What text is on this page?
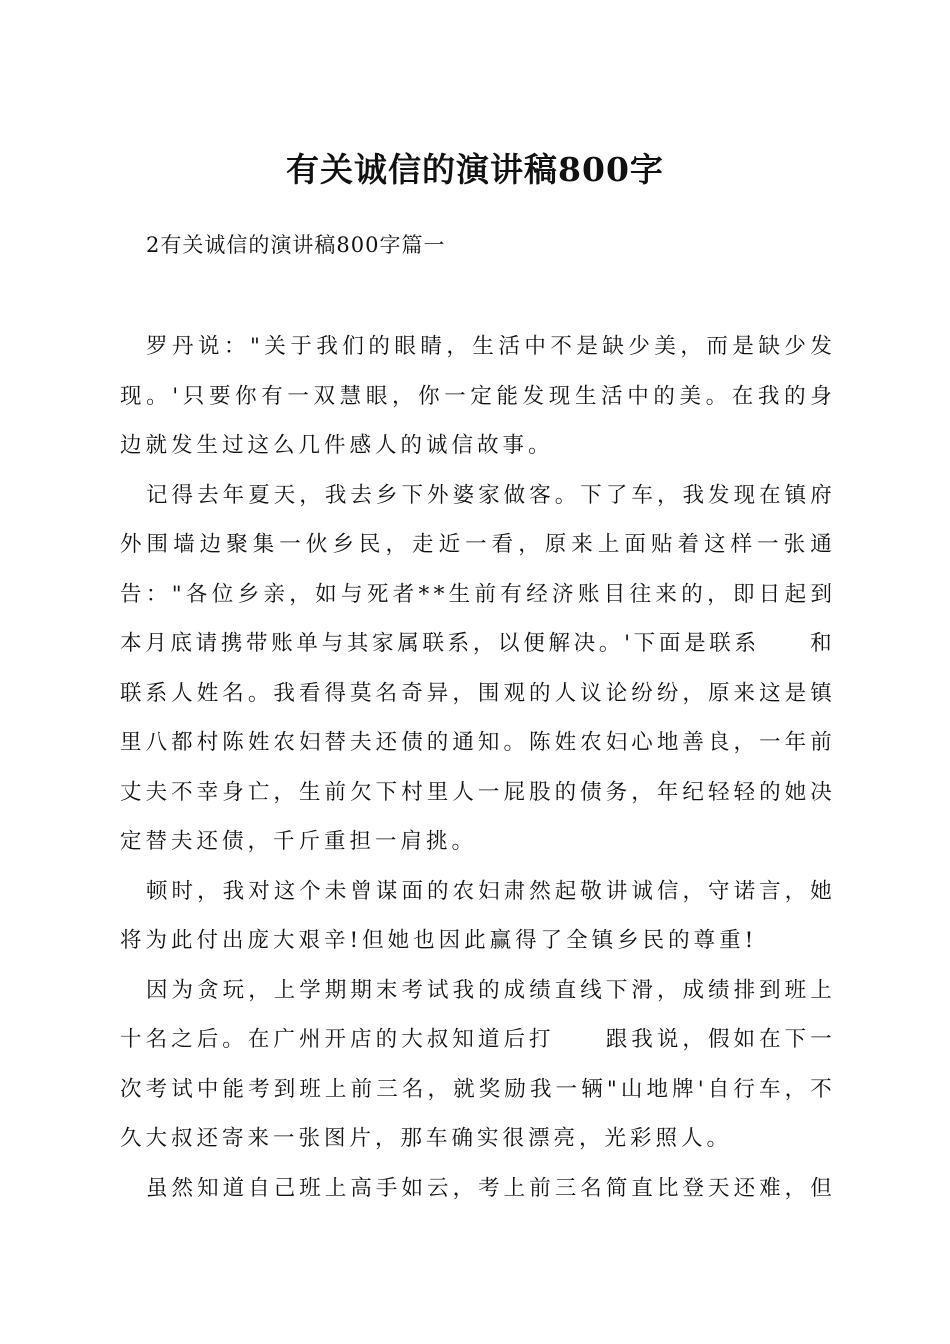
有关诚信的演讲稿800字
2有关诚信的演讲稿800字篇一
罗 丹 说 ： " 关 于 我 们 的 眼 睛 ， 生 活 中 不 是 缺 少 美 ， 而 是 缺 少 发
现 。 ' 只 要 你 有 一 双 慧 眼 ， 你 一 定 能 发 现 生 活 中 的 美 。 在 我 的 身
边就发生过这么几件感人的诚信故事。
记 得 去 年 夏 天 ， 我 去 乡 下 外 婆 家 做 客 。 下 了 车 ， 我 发 现 在 镇 府
外 围 墙 边 聚 集 一 伙 乡 民 ， 走 近 一 看 ， 原 来 上 面 贴 着 这 样 一 张 通
告 ： " 各 位 乡 亲 ， 如 与 死 者 * * 生 前 有 经 济 账 目 往 来 的 ， 即 日 起 到
本 月 底 请 携 带 账 单 与 其 家 属 联 系 ， 以 便 解 决 。 ' 下 面 是 联 系

　	和
联 系 人 姓 名 。 我 看 得 莫 名 奇 异 ， 围 观 的 人 议 论 纷 纷 ， 原 来 这 是 镇
里 八 都 村 陈 姓 农 妇 替 夫 还 债 的 通 知 。 陈 姓 农 妇 心 地 善 良 ， 一 年 前
丈 夫 不 幸 身 亡 ， 生 前 欠 下 村 里 人 一 屁 股 的 债 务 ， 年 纪 轻 轻 的 她 决
定替夫还债，千斤重担一肩挑。
顿 时 ， 我 对 这 个 未 曾 谋 面 的 农 妇 肃 然 起 敬 讲 诚 信 ， 守 诺 言 ， 她
将为此付出庞大艰辛!但她也因此赢得了全镇乡民的尊重!
因 为 贪 玩 ， 上 学 期 期 末 考 试 我 的 成 绩 直 线 下 滑 ， 成 绩 排 到 班 上
十 名 之 后 。 在 广 州 开 店 的 大 叔 知 道 后 打

　	跟 我 说 ， 假 如 在 下 一
次 考 试 中 能 考 到 班 上 前 三 名 ， 就 奖 励 我 一 辆 " 山 地 牌 ' 自 行 车 ， 不
久大叔还寄来一张图片，那车确实很漂亮，光彩照人。
虽 然 知 道 自 己 班 上 高 手 如 云 ， 考 上 前 三 名 简 直 比 登 天 还 难 ， 但
